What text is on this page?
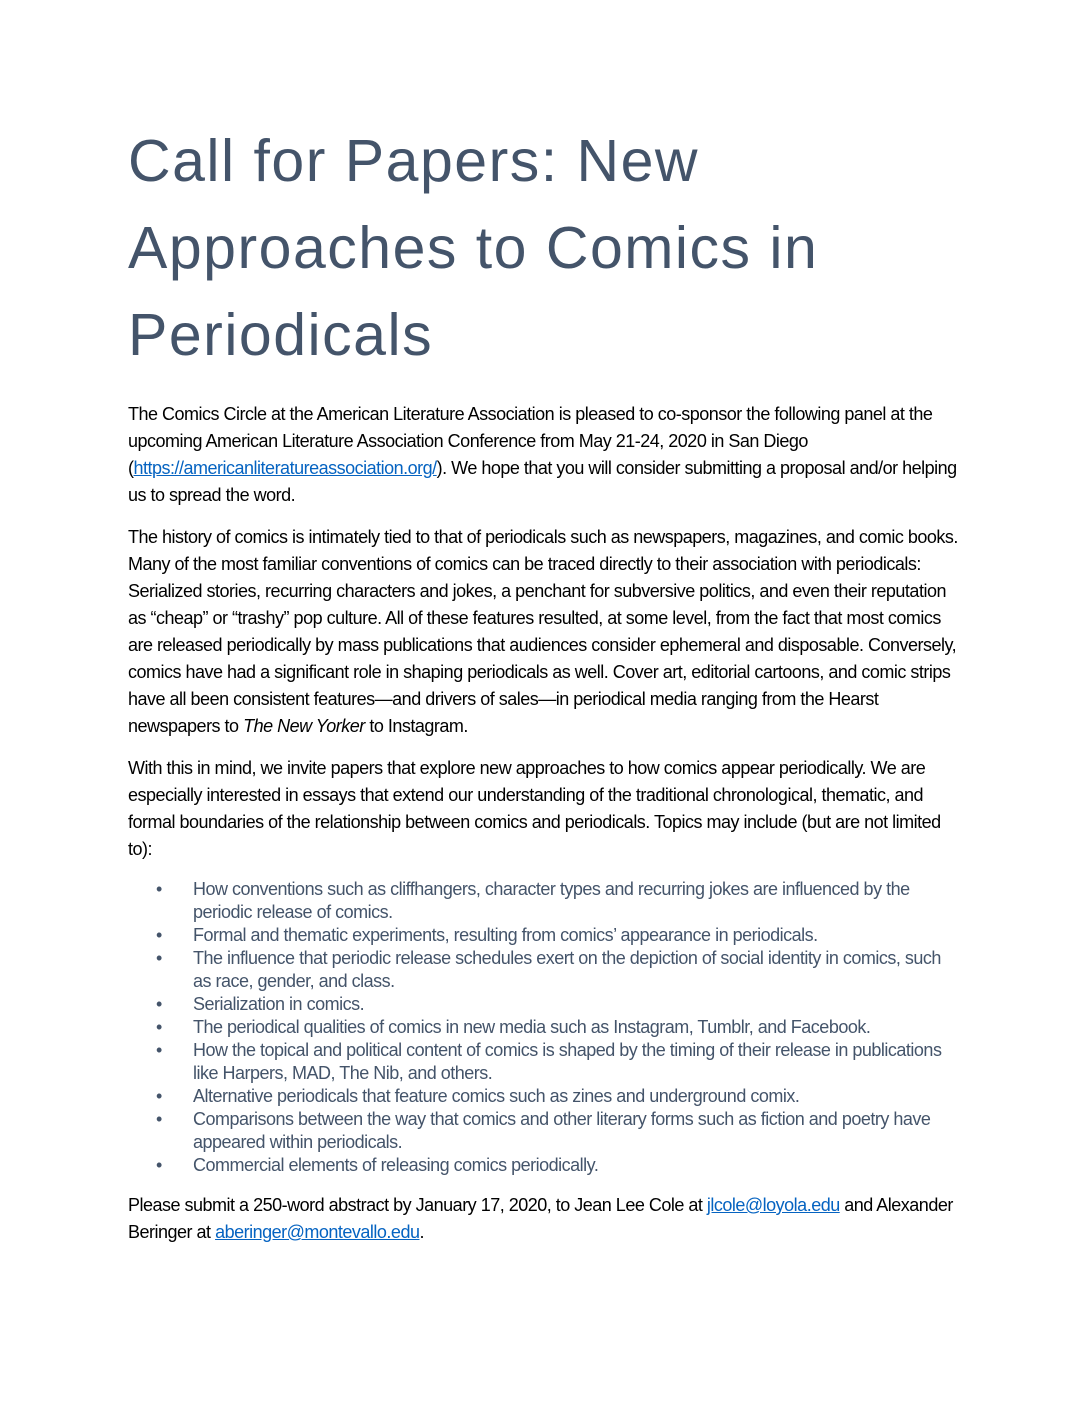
Call for Papers: New Approaches to Comics in Periodicals

The Comics Circle at the American Literature Association is pleased to co-sponsor the following panel at the upcoming American Literature Association Conference from May 21-24, 2020 in San Diego (https://americanliteratureassociation.org/). We hope that you will consider submitting a proposal and/or helping us to spread the word.

The history of comics is intimately tied to that of periodicals such as newspapers, magazines, and comic books. Many of the most familiar conventions of comics can be traced directly to their association with periodicals: Serialized stories, recurring characters and jokes, a penchant for subversive politics, and even their reputation as “cheap” or “trashy” pop culture. All of these features resulted, at some level, from the fact that most comics are released periodically by mass publications that audiences consider ephemeral and disposable. Conversely, comics have had a significant role in shaping periodicals as well. Cover art, editorial cartoons, and comic strips have all been consistent features—and drivers of sales—in periodical media ranging from the Hearst newspapers to The New Yorker to Instagram.

With this in mind, we invite papers that explore new approaches to how comics appear periodically. We are especially interested in essays that extend our understanding of the traditional chronological, thematic, and formal boundaries of the relationship between comics and periodicals. Topics may include (but are not limited to):

• How conventions such as cliffhangers, character types and recurring jokes are influenced by the periodic release of comics.
• Formal and thematic experiments, resulting from comics’ appearance in periodicals.
• The influence that periodic release schedules exert on the depiction of social identity in comics, such as race, gender, and class.
• Serialization in comics.
• The periodical qualities of comics in new media such as Instagram, Tumblr, and Facebook.
• How the topical and political content of comics is shaped by the timing of their release in publications like Harpers, MAD, The Nib, and others.
• Alternative periodicals that feature comics such as zines and underground comix.
• Comparisons between the way that comics and other literary forms such as fiction and poetry have appeared within periodicals.
• Commercial elements of releasing comics periodically.

Please submit a 250-word abstract by January 17, 2020, to Jean Lee Cole at jlcole@loyola.edu and Alexander Beringer at aberinger@montevallo.edu.
